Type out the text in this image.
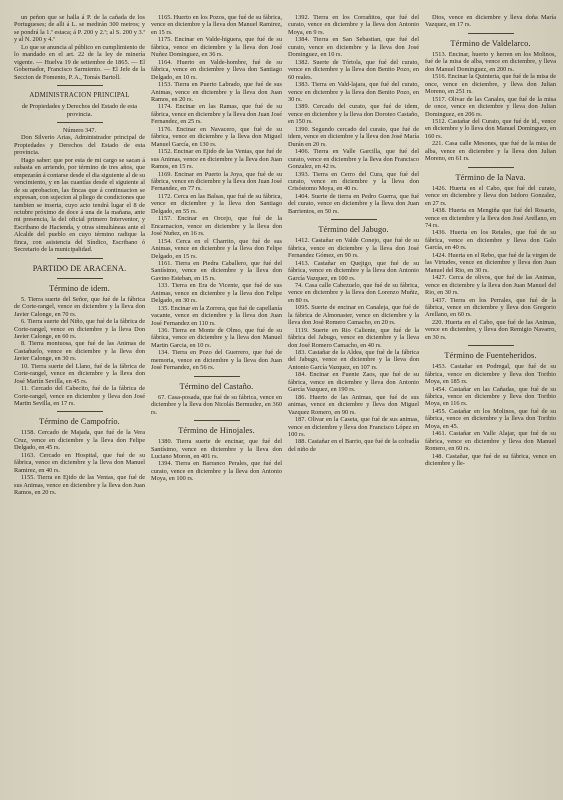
un peñon que se halla á P. de la cañada de los Portugueses; de alli á L. se medirán 300 metros; y se pondrá la 1.ª estaca; á P. 200 y 2.ª; al S. 200 y 3.ª y al N. 200 y 4.ª

Lo que se anuncia al público en cumplimiento de lo mandado en el art. 22 de la ley de minería vigente. — Huelva 19 de setiembre de 1865. — El Gobernador, Francisco Sarmiento. — El Jefe de la Seccion de Fomento, P. A., Tomás Bartoll.

ADMINISTRACION PRINCIPAL

de Propiedades y Derechos del Estado de esta provincia.

Número 347.

Don Silverio Arias, Administrador principal de Propiedades y Derechos del Estado de esta provincia.

Hago saber: que por esta de mi cargo se sacan á subasta en arriendo, por término de tres años, que empezarán á contarse desde el dia siguiente al de su vencimiento, y en las cuantías desde el siguiente al de su aprobacion, las fincas que á continuacion se expresan, con sujecion al pliego de condiciones que tambien se inserta, cuyo acto tendrá lugar el 8 de octubre próximo de doce á una de la mañana, ante mi presencia, la del oficial primero Interventor, y Escribano de Hacienda, y otras simultáneas ante el Alcalde del pueblo en cuyo término radique la finca, con asistencia del Síndico, Escribano ó Secretario de la municipalidad.

PARTIDO DE ARACENA.
Término de idem.

5. Tierra suerte del Señor, que fué de la fábrica de Corte-rangel, vence en diciembre y la lleva don Javier Calonge, en 70 rs.

6. Tierra suerte del Niño, que fué de la fábrica de Corte-rangel, vence en diciembre y la lleva Don Javier Calonge, en 60 rs.

8. Tierra montuosa, que fué de las Animas de Castañuelo, vence en diciembre y la lleva don Javier Calonge, en 30 rs.

10. Tierra suerte del Llano, fué de la fábrica de Corte-rangel, vence en diciembre y la lleva don José Martín Sevilla, en 45 rs.

11. Cercado del Cabecito, fué de la fábrica de Corte-rangel, vence en diciembre y lleva don José Martin Sevilla, en 17 rs.

Término de Campofrío.

1158. Cercado de Majada, que fué de la Vera Cruz, vence en diciembre y la lleva don Felipe Delgado, en 45 rs.

1163. Cercado en Hospital, que fué de su fábrica, vence en diciembre y la lleva don Manuel Ramirez, en 40 rs.

1155. Tierra en Ejido de las Ventas, que fué de sus Animas, vence en diciembre y la lleva don Juan Ramos, en 20 rs.

1165. Huerto en los Pozos, que fué de su fábrica, vence en diciembre y la lleva don Manuel Ramirez, en 15 rs.

1175. Encinar en Valde-higuera, que fué de su fábrica, vence en diciembre y la lleva don José Nuñez Dominguez, en 36 rs.

1164. Huerto en Valde-hombre, fué de su fábrica, vence en diciembre y lleva don Santiago Delgado, en 10 rs.

1153. Tierra en Puerto Labrado, que fué de sus Animas, vence en diciembre y la lleva don Juan Ramos, en 20 rs.

1174. Encinar en las Ramas, que fué de su fábrica, vence en diciembre y la lleva don Juan José Fernandez, en 25 rs.

1176. Encinar en Navacero, que fué de su fábrica, vence en diciembre y la lleva don Miguel Manuel García, en 130 rs.

1152. Encinar en Ejido de las Ventas, que fué de sus Animas, vence en diciembre y la lleva don Juan Ramos, en 15 rs.

1169. Encinar en Puerto la Joya, que fué de su fábrica, vence en diciembre y la lleva don Juan José Fernandez, en 77 rs.

1172. Cerca en las Balsas, que fué de su fábrica, vence en diciembre y la lleva don Santiago Delgado, en 55 rs.

1157. Encinar en Orcejo, que fué de la Encarnacion, vence en diciembre y la lleva don José Nuñez, en 16 rs.

1154. Cerca en el Charrito, que fué de sus Animas, vence en diciembre y la lleva don Felipe Delgado, en 15 rs.

1161. Tierra en Piedra Caballero, que fué del Santísimo, vence en diciembre y la lleva don Gavino Esteban, en 15 rs.

133. Tierra en Era de Vicente, que fué de sus Animas, vence en diciembre y la lleva don Felipe Delgado, en 30 rs.

135. Encinar en la Zorrera, que fué de capellanía vacante, vence en diciembre y la lleva don Juan José Fernandez en 110 rs.

136. Tierra en Monte de Olmo, que fué de su fábrica, vence en diciembre y la lleva don Manuel Martin Garcia, en 10 rs.

134. Tierra en Pozo del Guerrero, que fué de memoria, vence en diciembre y la lleva don Juan José Fernandez, en 56 rs.

Término del Castaño.

67. Casa-posada, que fué de su fábrica, vence en diciembre y la lleva don Nicolás Bermudez, en 360 rs.

Término de Hinojales.

1380. Tierra suerte de encinar, que fué del Santísimo, vence en diciembre y la lleva don Luciano Moron, en 401 rs.

1394. Tierra en Barranco Perales, que fué del curato, vence en diciembre y la lleva don Antonio Moya, en 100 rs.

1392. Tierra en los Corrañitos, que fué del curato, vence en diciembre y la lleva don Antonio Moya, en 9 rs.

1384. Tierra en San Sebastian, que fué del curato, vence en diciembre y la lleva don José Dominguez, en 10 rs.

1382. Suerte de Tórtola, que fué del curato, vence en diciembre y la lleva don Benito Pozo, en 60 reales.

1383. Tierra en Vald-lajara, que fué del curato, vence en diciembre y la lleva don Benito Pozo, en 30 rs.

1389. Cercado del curato, que fué de idem, vence en diciembre y la lleva don Doroteo Castaño, en 150 rs.

1390. Segundo cercado del curato, que fué de idem, vence en diciembre y la lleva don José María Durán en 20 rs.

1406. Tierra en Valle Garcilla, que fué del curato, vence en diciembre y la lleva don Francisco Gonzalez, en 42 rs.

1393. Tierra en Cerro del Cura, que fué del curato, vence en diciembre y la lleva don Crisóstomo Moya, en 40 rs.

1404. Suerte de tierra en Pedro Guerra, que fué del curato, vence en diciembre y la lleva don Juan Barrientos, en 50 rs.

Término del Jabugo.

1412. Castañar en Valde Conejo, que fué de su fábrica, vence en diciembre y la lleva don José Fernandez Gómez, en 90 rs.

1413. Castañar en Quejigo, que fué de su fábrica, vence en diciembre y la lleva don Antonio García Vazquez, en 100 rs.

74. Casa calle Cabezuelo, que fué de su fábrica, vence en diciembre y la lleva don Lorenzo Muñiz, en 80 rs.

1095. Suerte de encinar en Canaleja, que fué de la fábrica de Almonaster, vence en diciembre y la lleva don José Romero Camacho, en 20 rs.

1119. Suerte en Rio Caliente, que fué de la fábrica del Jabugo, vence en diciembre y la lleva don José Romero Camacho, en 40 rs.

183. Castañar de la Aldea, que fué de la fábrica del Jabugo, vence en diciembre y la lleva don Antonio García Vazquez, en 107 rs.

184. Encinar en Fuente Zaos, que fué de su fábrica, vence en diciembre y lleva don Antonio García Vazquez, en 190 rs.

186. Huerto de las Animas, que fué de sus animas, vence en diciembre y lleva don Miguel Vazquez Romero, en 90 rs.

187. Olivar en la Caseta, que fué de sus animas, vence en diciembre y lleva don Francisco López en 100 rs.

188. Castañar en el Barrio, que fué de la cofradía del niño de

Dios, vence en diciembre y lleva doña María Vazquez, en 17 rs.

Término de Valdelarco.

1513. Encinar, huerto y herren en los Molinos, fué de la misa de alba, vence en diciembre, y lleva don Manuel Dominguez, en 200 rs.

1516. Encinar la Quinteria, que fué de la misa de once, vence en diciembre, y lleva don Julian Moreno, en 251 rs.

1517. Olivar de las Canales, que fué de la misa de once, vence en diciembre y lleva don Julian Dominguez, en 206 rs.

1512. Castañar del Curato, que fué de id., vence en diciembre y lo lleva don Manuel Dominguez, en 160 rs.

221. Casa calle Mesones, que fué de la misa de alba, vence en diciembre y la lleva don Julian Moreno, en 61 rs.

Término de la Nava.

1426. Huerta en el Cabo, que fué del curato, vence en diciembre y lleva don Isidoro Gonzalez, en 27 rs.

1438. Huerta en Mengiña que fué del Rosario, vence en diciembre y la lleva don José Arellano, en 74 rs.

1436. Huerta en los Retales, que fué de su fábrica, vence en diciembre y lleva don Galo García, en 40 rs.

1424. Huerta en el Rebo, que fué de la virgen de las Virtudes, vence en diciembre y lleva don Juan Manuel del Rio, en 30 rs.

1427. Cerca de olivos, que fué de las Animas, vence en diciembre y la lleva don Juan Manuel del Rio, en 30 rs.

1437. Tierra en los Perrales, que fué de la fábrica, vence en diciembre y lleva don Gregorio Arellano, en 60 rs.

220. Huerta en el Cabo, que fué de las Animas, vence en diciembre, y lleva don Remigio Navarro, en 30 rs.

Término de Fuenteheridos.

1453. Castañar en Podregal, que fué de su fábrica, vence en diciembre y lleva don Toribio Moya, en 185 rs.

1454. Castañar en las Cañadas, que fué de su fábrica, vence en diciembre y lleva don Toribio Moya, en 116 rs.

1455. Castañar en los Molinos, que fué de su fábrica, vence en diciembre y la lleva don Toribio Moya, en 45.

1461. Castañar en Valle Alajar, que fué de su fábrica, vence en diciembre y lleva don Manuel Romero, en 60 rs.

148. Castañar, que fué de su fábrica, vence en diciembre y lle-
